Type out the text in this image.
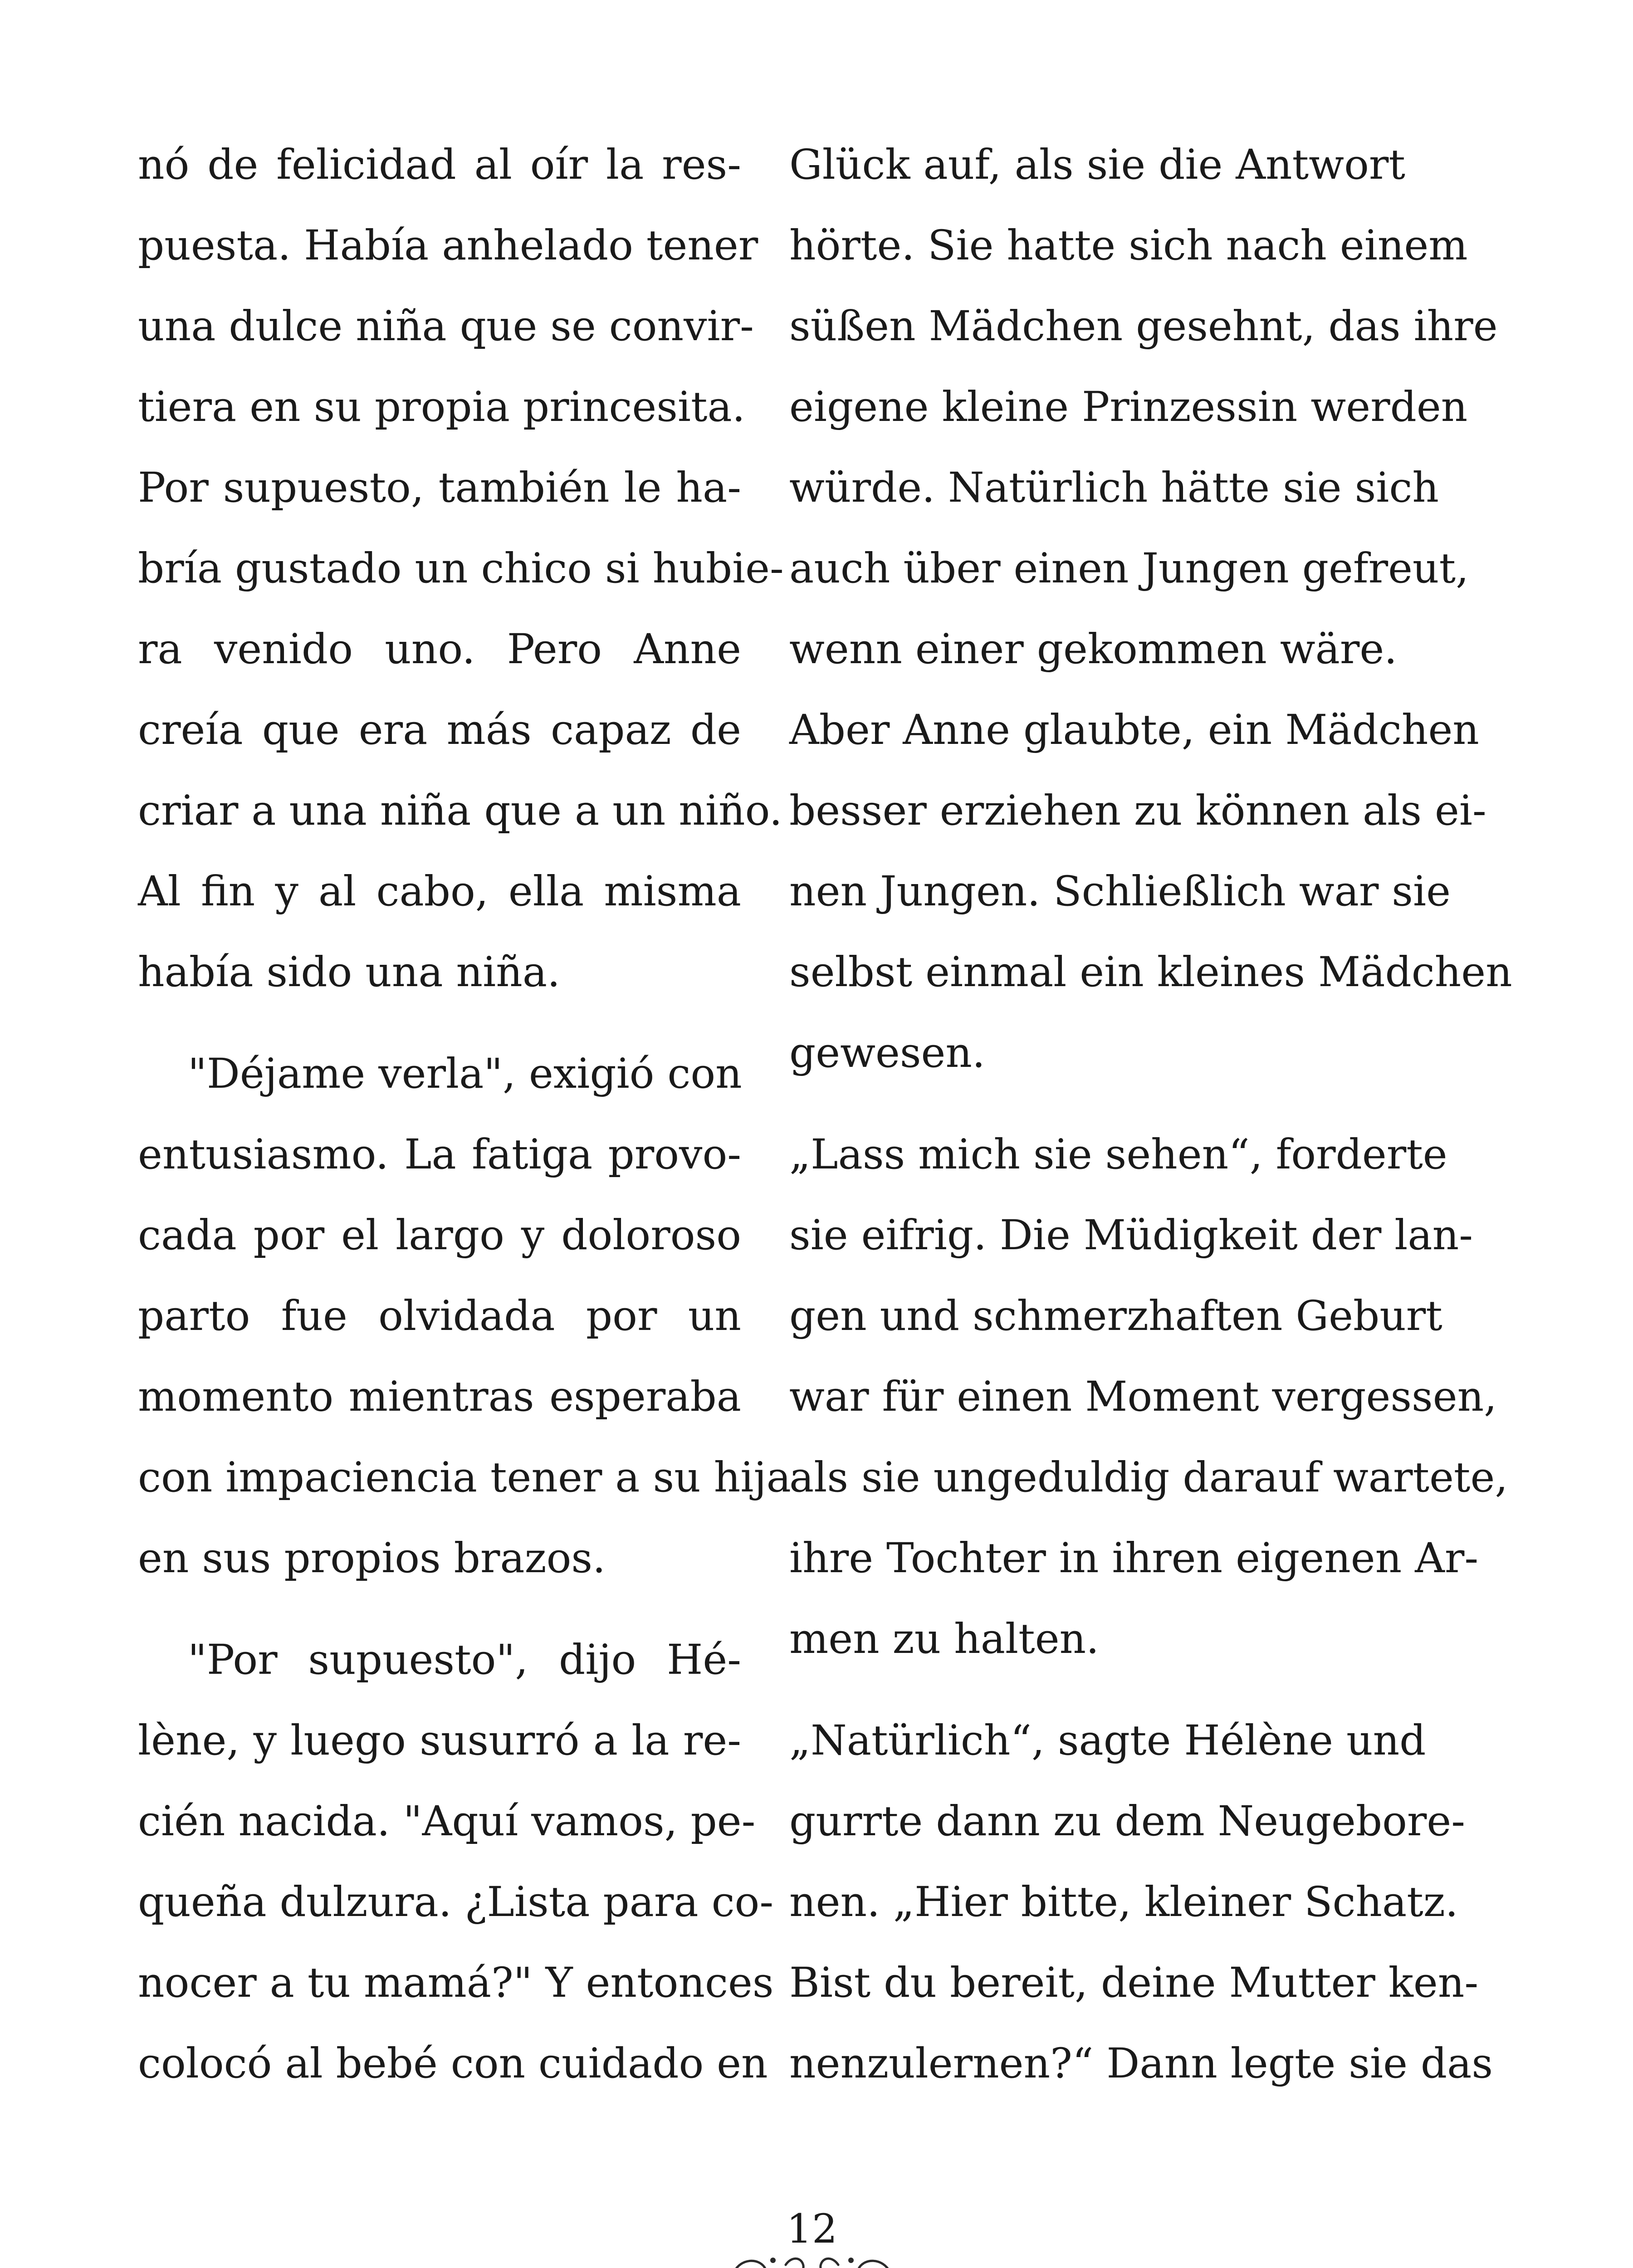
nó de felicidad al oír la res-
puesta. Había anhelado tener
una dulce niña que se convir-
tiera en su propia princesita.
Por supuesto, también le ha-
bría gustado un chico si hubie-
ra venido uno. Pero Anne
creía que era más capaz de
criar a una niña que a un niño.
Al fin y al cabo, ella misma
había sido una niña.
"Déjame verla", exigió con
entusiasmo. La fatiga provo-
cada por el largo y doloroso
parto fue olvidada por un
momento mientras esperaba
con impaciencia tener a su hija
en sus propios brazos.
"Por supuesto", dijo Hé-
lène, y luego susurró a la re-
cién nacida. "Aquí vamos, pe-
queña dulzura. ¿Lista para co-
nocer a tu mamá?" Y entonces
colocó al bebé con cuidado en
Glück auf, als sie die Antwort
hörte. Sie hatte sich nach einem
süßen Mädchen gesehnt, das ihre
eigene kleine Prinzessin werden
würde. Natürlich hätte sie sich
auch über einen Jungen gefreut,
wenn einer gekommen wäre.
Aber Anne glaubte, ein Mädchen
besser erziehen zu können als ei-
nen Jungen. Schließlich war sie
selbst einmal ein kleines Mädchen
gewesen.
„Lass mich sie sehen“, forderte
sie eifrig. Die Müdigkeit der lan-
gen und schmerzhaften Geburt
war für einen Moment vergessen,
als sie ungeduldig darauf wartete,
ihre Tochter in ihren eigenen Ar-
men zu halten.
„Natürlich“, sagte Hélène und
gurrte dann zu dem Neugebore-
nen. „Hier bitte, kleiner Schatz.
Bist du bereit, deine Mutter ken-
nenzulernen?“ Dann legte sie das
12
